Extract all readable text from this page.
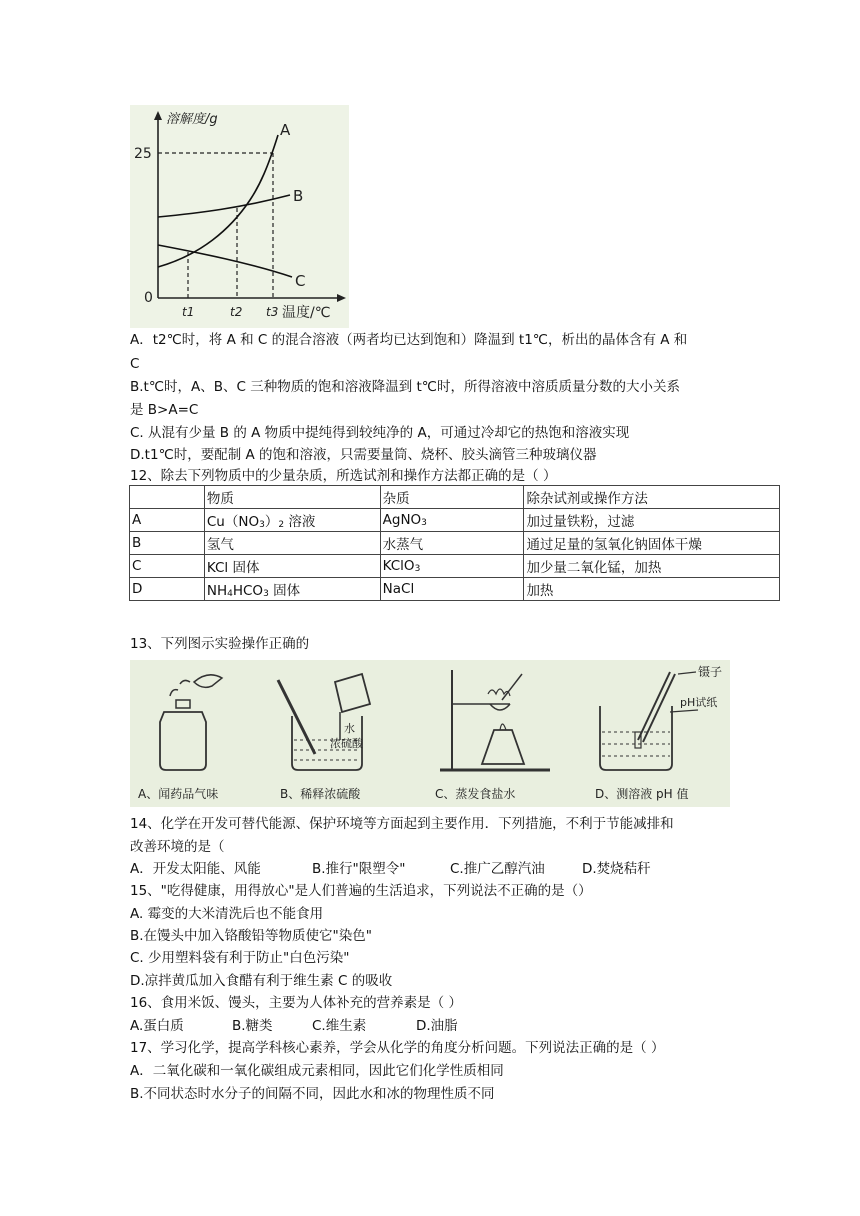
溶解度/g
25
0
A
B
C
t1	t2 t3 温度/℃
A．t2℃时，将 A 和 C 的混合溶液（两者均已达到饱和）降温到 t1℃，析出的晶体含有 A 和
C
B.t℃时，A、B、C 三种物质的饱和溶液降温到 t℃时，所得溶液中溶质质量分数的大小关系
是 B>A=C
C. 从混有少量 B 的 A 物质中提纯得到较纯净的 A，可通过冷却它的热饱和溶液实现
D.t1℃时，要配制 A 的饱和溶液，只需要量筒、烧杯、胶头滴管三种玻璃仪器
12、除去下列物质中的少量杂质，所选试剂和操作方法都正确的是（ ）
	物质	杂质	除杂试剂或操作方法
A	$Cu(NO_3)_2$ 溶液	AgNO$_3$	加过量铁粉，过滤
B	氢气	水蒸气	通过足量的氢氧化钠固体干燥
C	KCl 固体	KClO$_3$	加少量二氧化锰，加热
D	$NH_4HCO_3$ 固体	NaCl	加热
13、下列图示实验操作正确的
水
浓硫酸
镊子
pH试纸
A、闻药品气味	B、稀释浓硫酸	C、蒸发食盐水	D、测溶液 pH 值
14、化学在开发可替代能源、保护环境等方面起到主要作用．下列措施，不利于节能减排和
改善环境的是（
A．开发太阳能、风能	B.推行"限塑令"	C.推广乙醇汽油	D.焚烧秸秆
15、"吃得健康，用得放心"是人们普遍的生活追求，下列说法不正确的是（）
A. 霉变的大米清洗后也不能食用
B.在馒头中加入铬酸铅等物质使它"染色"
C. 少用塑料袋有利于防止"白色污染"
D.凉拌黄瓜加入食醋有利于维生素 C 的吸收
16、食用米饭、馒头，主要为人体补充的营养素是（ ）
A.蛋白质	B.糖类	C.维生素	D.油脂
17、学习化学，提高学科核心素养，学会从化学的角度分析问题。下列说法正确的是（ ）
A．二氧化碳和一氧化碳组成元素相同，因此它们化学性质相同
B.不同状态时水分子的间隔不同，因此水和冰的物理性质不同
